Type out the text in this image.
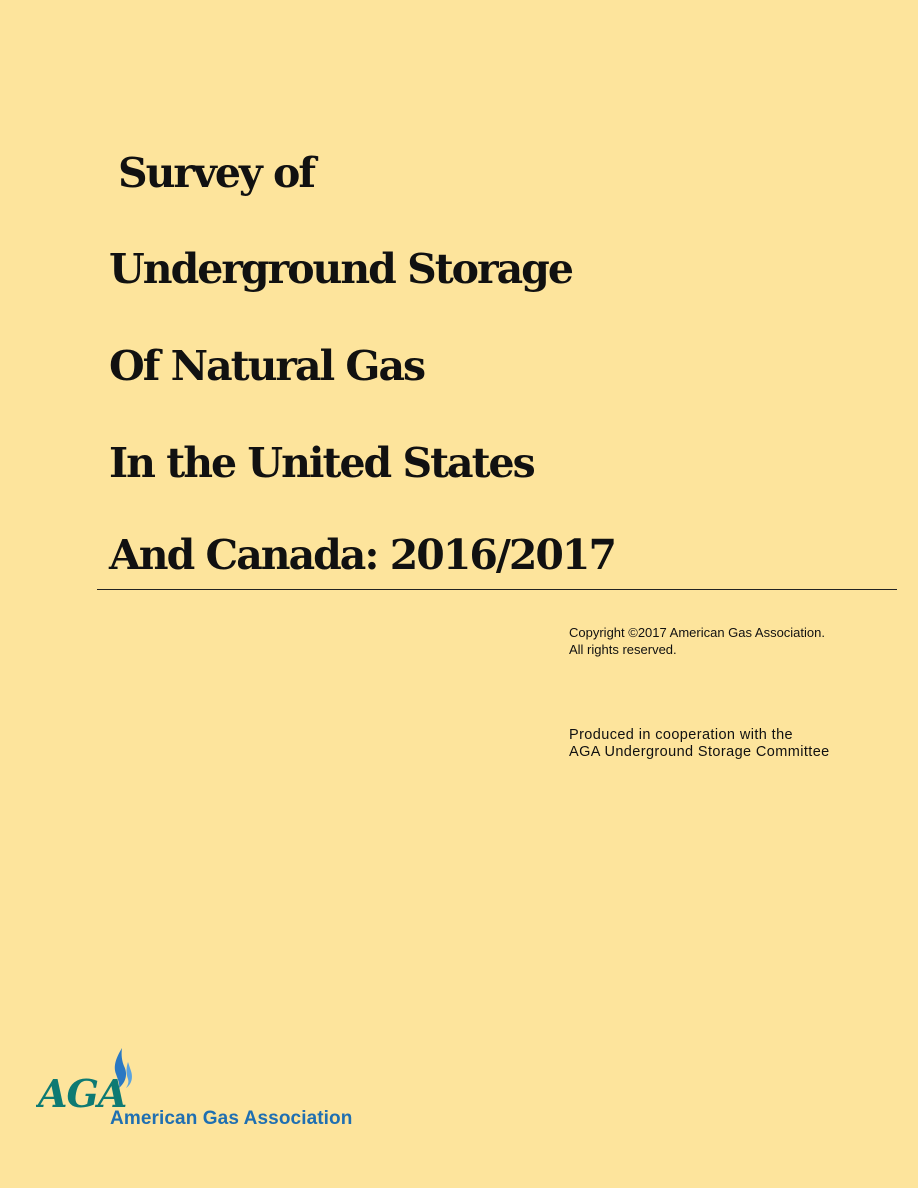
Survey of
Underground Storage
Of Natural Gas
In the United States
And Canada: 2016/2017
Copyright ©2017 American Gas Association.
All rights reserved.
Produced in cooperation with the
AGA Underground Storage Committee
AGA
American Gas Association
